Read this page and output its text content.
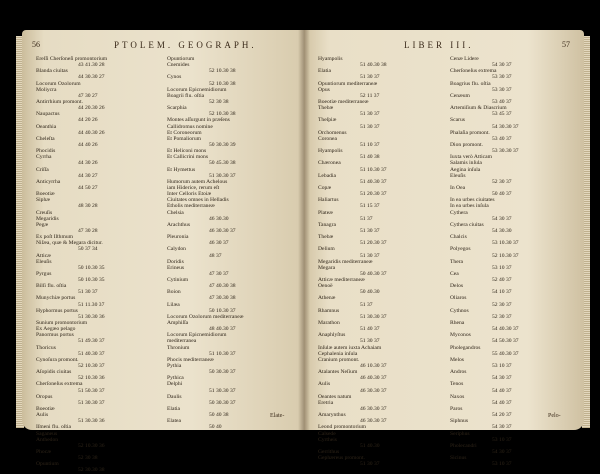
56	PTOLEM. GEOGRAPH.
Ereſſi Cherſoneſi promontorium
43 41.30 28
Blanda ciuitas
44 30.30 27
Locorum Ozolorum
Moliycra
47 30 27
Antirrhium promont.
44 20.30 26
Naupactus
44 20 26
Oeanthia
44 40.30 26
Cheleſta
44 40 26
Phocidis
Cyrrha
44 30 26
Criſſa
44 30 27
Anticyrrha
44 50 27
Boeotiæ
Siphæ
48 30 28
Creuſis
Megaridis
Pegæ
47 30 28
Ex poſt Iſthmum
Niſæa, quæ & Megara dicitur.
50 37 34
Atticæ
Eleuſis
50 10.30 35
Pyrgus
50 10.30 35
Bilſi flu. oſtia
51 30 37
Munychiæ portus
51 11.30 37
Hyphormus portus
51 30.30 36
Sunium promontorium
Ex Aegæo pelago
Panormus portus
51 49.30 37
Thoricus
51 40.30 37
Cynoſura promont.
52 10.30 37
Aſopidis ciuitas
52 10.30 36
Cherſoneſus extrema
51 50.30 37
Oropus
51 30.30 37
Boeotiæ
Aulis
51 30.30 36
Iſmeni flu. oſtia
Saganeus
Anthedon
52 10.30 36
Phocæ
52 30 38
Opuntium
52 30.30 38
Opuntiorum
Cnemides
52 10.30 38
Cynos
52 10.30 38
Locorum Epicnemidiorum
Boagrii flu. oſtia
52 30 38
Scarphia
52 10.30 38
Montes aſſurgunt in præſens
Callidromus nomine
Et Coroneorum
Et Pomaliorum
50 30.30 39
Et Heliconi mons
Et Callicrini mons
50 45.30 38
Et Hymettus
51 30.30 37
Humorum autem Achelous
iam Hiderice, rerum eſt
Inter Celloris Etoiæ
Ciuitates omnes in Helladis
Etholis mediterraneæ
Chelsia
46 30.30
Arachthus
46 30.30 37
Pleuronia
46 30 37
Calydon
48 37
Doridis
Erineus
47 30 37
Cytinium
47 40.30 38
Boion
47 30.30 38
Lilæa
50 10.30 37
Locorum Ozolorum mediterraneæ
Amphiſſa
48 40.30 37
Locorum Epicnemidiorum
mediterranea
Thronium
51 10.30 37
Phocis mediterraneæ
Pythia
50 30.30 37
Pythica
Delphi
51 30.30 37
Daulis
50 30.30 37
Elatia
50 40 38
Elatea
50 40
Elate-
LIBER III.	57
Hyampolis
51 40.30 38
Elatia
51 30 37
Opuntiorum mediterraneæ
Opus
52 11 37
Boeotiæ mediterraneæ
Thebæ
51 30 37
Theſpiæ
51 30 37
Orchomenus
Coronea
51 10 37
Hyampolis
51 40 38
Chæronea
51 10.30 37
Lebadia
51 40.30 37
Copæ
51 20.30 37
Haliartus
51 15 37
Plateæ
51 37
Tanagra
51 30 37
Thebæ
51 20.30 37
Delium
51 30 37
Megaridis mediterraneæ
Megara
50 40.30 37
Atticæ mediterraneæ
Oenoë
50 40.30
Athenæ
51 37
Rhamnus
51 30.30 37
Marathon
51 40 37
Anaphlyſtus
51 30 37
Inſulæ autem iuxta Achaiam
Cephalenia inſula
Cranium promont.
46 10.30 37
Atalantes Neſium
46 40.30 37
Aulis
46 30.30 37
Oeantes natum
Eretria
46 30.30 37
Amarynthus
46 30.30 37
Leond promontorium
Calsede
Cyrtheis
51 40.30
Gerrithus
Gephæreus promont.
51 30 37
Cenæ Lidere
54 30 37
Cherſoneſus extrema
53 30 37
Boagrius flu. oſtia
53 30 37
Cenæum
53 40 37
Artemiſium & Diascrium
53 45 37
Scarus
54 30.30 37
Phalaſia promont.
53 40 37
Dion promont.
53 30.30 37
Iuxta verò Atticam
Salamis inſula
Aegina inſula
Eleuſis
52 30 37
In Oea
50 40 37
In ea urbes ciuitates
In ea urbes inſula
Cythera
54 30 37
Cythera ciuitas
54 30.30
Chalcis
53 10.30 37
Polyegos
52 10.30 37
Thera
53 10 37
Cea
52 40 37
Delos
54 10 37
Oliaros
52 30 37
Cythnos
52 30 37
Rhena
54 40.30 37
Myconos
54 50.30 37
Pholegandros
55 40.30 37
Melos
53 10 37
Andros
54 30 37
Tenos
54 40 37
Naxos
54 40 37
Paros
54 20 37
Siphnus
54 30 37
Seriphus
53 10 37
Pholecandri
54 30 37
Sicinus
53 10 37
Pelo-
